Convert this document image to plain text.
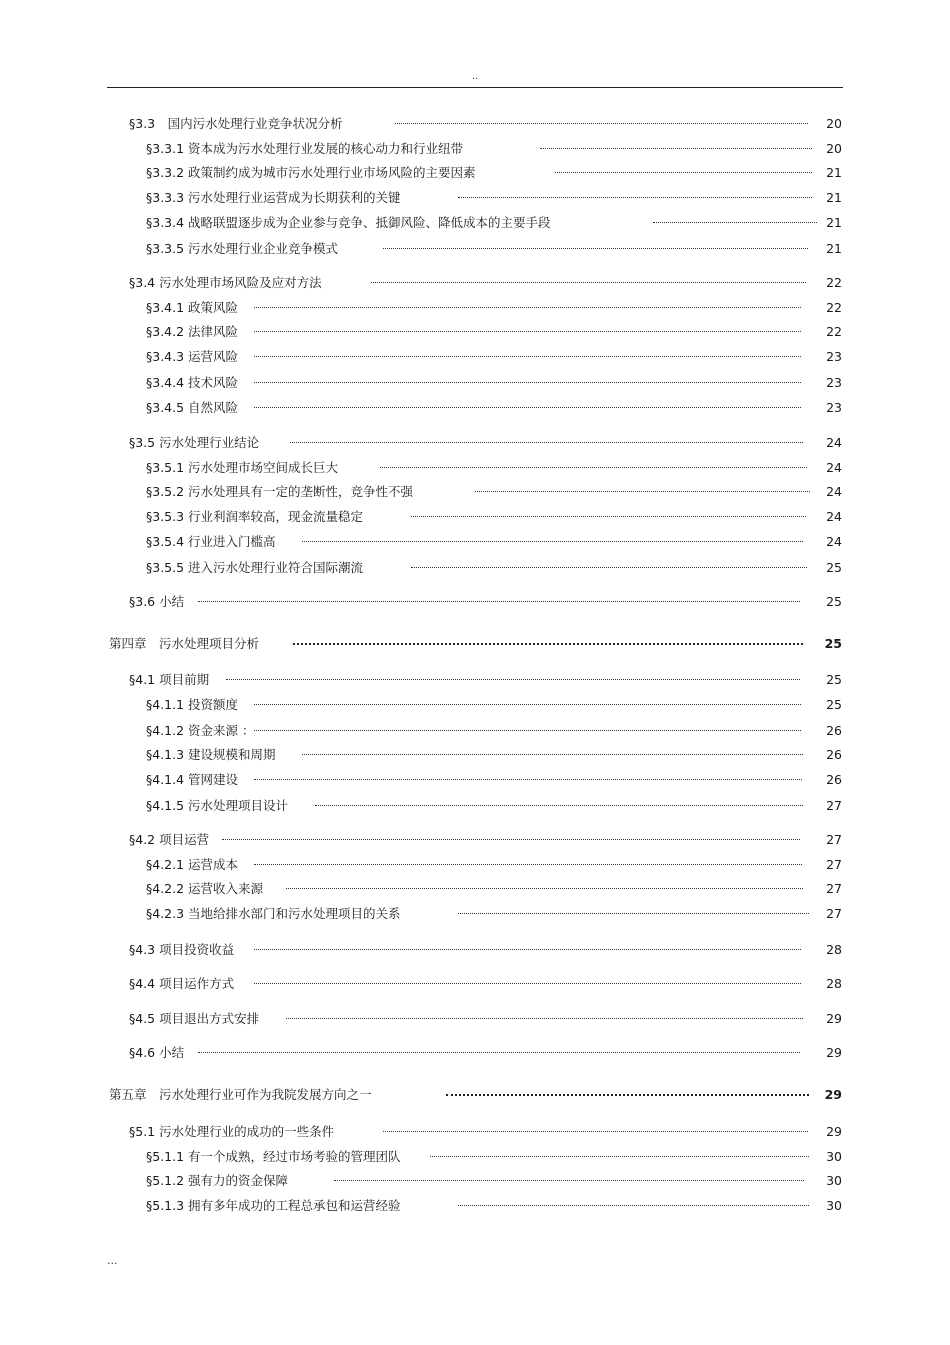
..
§3.3　国内污水处理行业竞争状况分析	20
§3.3.1 资本成为污水处理行业发展的核心动力和行业纽带	20
§3.3.2 政策制约成为城市污水处理行业市场风险的主要因素	21
§3.3.3 污水处理行业运营成为长期获利的关键	21
§3.3.4 战略联盟逐步成为企业参与竞争、抵御风险、降低成本的主要手段	21
§3.3.5 污水处理行业企业竞争模式	21
§3.4 污水处理市场风险及应对方法	22
§3.4.1 政策风险	22
§3.4.2 法律风险	22
§3.4.3 运营风险	23
§3.4.4 技术风险	23
§3.4.5 自然风险	23
§3.5 污水处理行业结论	24
§3.5.1 污水处理市场空间成长巨大	24
§3.5.2 污水处理具有一定的垄断性，竞争性不强	24
§3.5.3 行业利润率较高，现金流量稳定	24
§3.5.4 行业进入门槛高	24
§3.5.5 进入污水处理行业符合国际潮流	25
§3.6 小结	25
第四章　污水处理项目分析	25
§4.1 项目前期	25
§4.1.1 投资额度	25
§4.1.2 资金来源 ：	26
§4.1.3 建设规模和周期	26
§4.1.4 管网建设	26
§4.1.5 污水处理项目设计	27
§4.2 项目运营	27
§4.2.1 运营成本	27
§4.2.2 运营收入来源	27
§4.2.3 当地给排水部门和污水处理项目的关系	27
§4.3 项目投资收益	28
§4.4 项目运作方式	28
§4.5 项目退出方式安排	29
§4.6 小结	29
第五章　污水处理行业可作为我院发展方向之一	29
§5.1 污水处理行业的成功的一些条件	29
§5.1.1 有一个成熟，经过市场考验的管理团队	30
§5.1.2 强有力的资金保障	30
§5.1.3 拥有多年成功的工程总承包和运营经验	30
...
